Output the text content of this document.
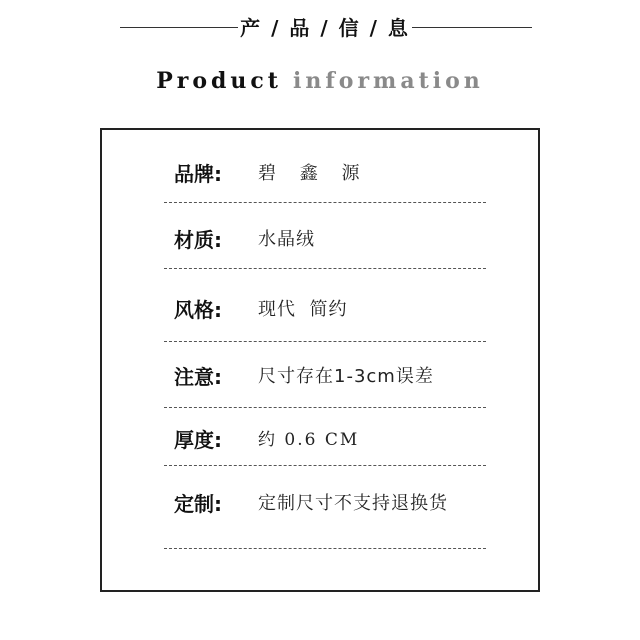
产 / 品 / 信 / 息
Product information
品牌: 碧 鑫 源
材质: 水晶绒
风格: 现代  简约
注意: 尺寸存在1-3cm误差
厚度: 约 0.6 CM
定制: 定制尺寸不支持退换货
